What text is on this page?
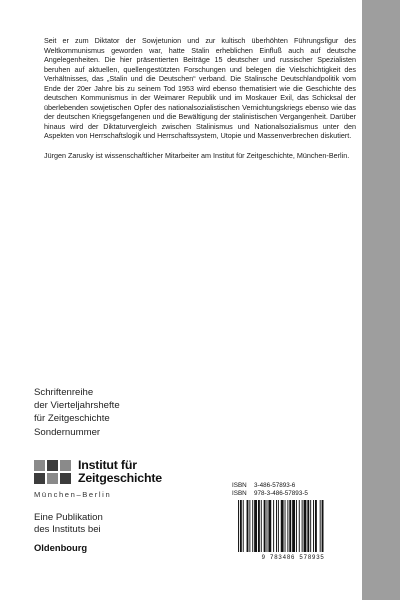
Seit er zum Diktator der Sowjetunion und zur kultisch überhöhten Führungsfigur des Weltkommunismus geworden war, hatte Stalin erheblichen Einfluß auch auf deutsche Angelegenheiten. Die hier präsentierten Beiträge 15 deutscher und russischer Spezialisten beruhen auf aktuellen, quellengestützten Forschungen und belegen die Vielschichtigkeit des Verhältnisses, das „Stalin und die Deutschen“ verband. Die Stalinsche Deutschlandpolitik vom Ende der 20er Jahre bis zu seinem Tod 1953 wird ebenso thematisiert wie die Geschichte des deutschen Kommunismus in der Weimarer Republik und im Moskauer Exil, das Schicksal der überlebenden sowjetischen Opfer des nationalsozialistischen Vernichtungskriegs ebenso wie das der deutschen Kriegsgefangenen und die Bewältigung der stalinistischen Vergangenheit. Darüber hinaus wird der Diktaturvergleich zwischen Stalinismus und Nationalsozialismus unter den Aspekten von Herrschaftslogik und Herrschaftssystem, Utopie und Massenverbrechen diskutiert.

Jürgen Zarusky ist wissenschaftlicher Mitarbeiter am Institut für Zeitgeschichte, München-Berlin.

Schriftenreihe
der Vierteljahrshefte
für Zeitgeschichte
Sondernummer
Institut für
Zeitgeschichte
München–Berlin
Eine Publikation
des Instituts bei
Oldenbourg
ISBN	3-486-57893-6
ISBN	978-3-486-57893-5
9 783486 578935
